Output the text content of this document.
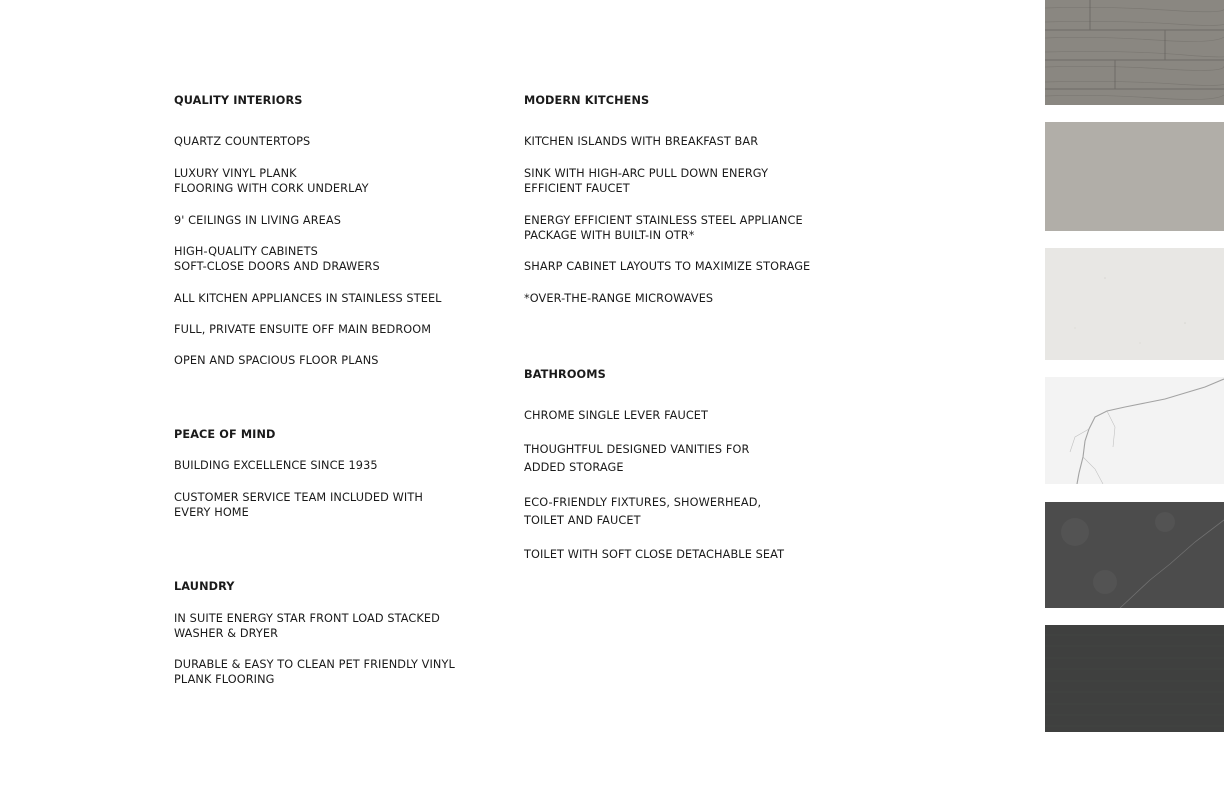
QUALITY INTERIORS

QUARTZ COUNTERTOPS

LUXURY VINYL PLANK
FLOORING WITH CORK UNDERLAY

9' CEILINGS IN LIVING AREAS

HIGH-QUALITY CABINETS
SOFT-CLOSE DOORS AND DRAWERS

ALL KITCHEN APPLIANCES IN STAINLESS STEEL

FULL, PRIVATE ENSUITE OFF MAIN BEDROOM

OPEN AND SPACIOUS FLOOR PLANS

PEACE OF MIND

BUILDING EXCELLENCE SINCE 1935

CUSTOMER SERVICE TEAM INCLUDED WITH
EVERY HOME

LAUNDRY

IN SUITE ENERGY STAR FRONT LOAD STACKED
WASHER & DRYER

DURABLE & EASY TO CLEAN PET FRIENDLY VINYL
PLANK FLOORING

MODERN KITCHENS

KITCHEN ISLANDS WITH BREAKFAST BAR

SINK WITH HIGH-ARC PULL DOWN ENERGY
EFFICIENT FAUCET

ENERGY EFFICIENT STAINLESS STEEL APPLIANCE
PACKAGE WITH BUILT-IN OTR*

SHARP CABINET LAYOUTS TO MAXIMIZE STORAGE

*OVER-THE-RANGE MICROWAVES

BATHROOMS

CHROME SINGLE LEVER FAUCET

THOUGHTFUL DESIGNED VANITIES FOR
ADDED STORAGE

ECO-FRIENDLY FIXTURES, SHOWERHEAD,
TOILET AND FAUCET

TOILET WITH SOFT CLOSE DETACHABLE SEAT
